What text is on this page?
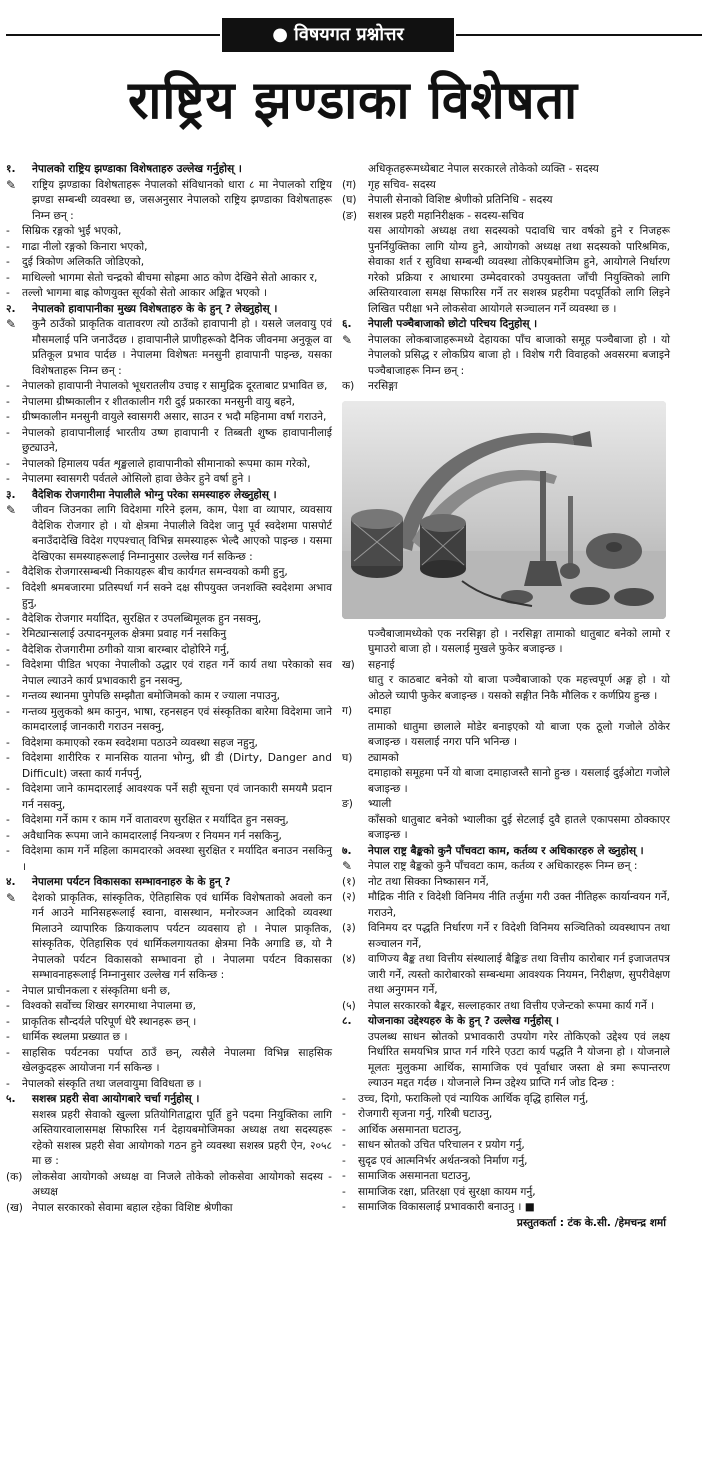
● विषयगत प्रश्नोत्तर
राष्ट्रिय झण्डाका विशेषता
१.	नेपालको राष्ट्रिय झण्डाका विशेषताहरु उल्लेख गर्नुहोस् ।
✎	राष्ट्रिय झण्डाका विशेषताहरू नेपालको संविधानको धारा ८ मा नेपालको राष्ट्रिय झण्डा सम्बन्धी व्यवस्था छ, जसअनुसार नेपालको राष्ट्रिय झण्डाका विशेषताहरू निम्न छन् :
-	सिम्रिक रङ्गको भुईं भएको,
-	गाढा नीलो रङ्गको किनारा भएको,
-	दुई त्रिकोण अलिकति जोडिएको,
-	माथिल्लो भागमा सेतो चन्द्रको बीचमा सोह्रमा आठ कोण देखिने सेतो आकार र,
-	तल्लो भागमा बाह्र कोणयुक्त सूर्यको सेतो आकार अङ्कित भएको ।
२.	नेपालको हावापानीका मुख्य विशेषताहरु के के हुन् ? लेख्नुहोस् ।
✎	कुनै ठाउँको प्राकृतिक वातावरण त्यो ठाउँको हावापानी हो । यसले जलवायु एवं मौसमलाई पनि जनाउँदछ । हावापानीले प्राणीहरूको दैनिक जीवनमा अनुकूल वा प्रतिकूल प्रभाव पार्दछ । नेपालमा विशेषतः मनसुनी हावापानी पाइन्छ, यसका विशेषताहरू निम्न छन् :
-	नेपालको हावापानी नेपालको भूधरातलीय उचाइ र सामुद्रिक दूरताबाट प्रभावित छ,
-	नेपालमा ग्रीष्मकालीन र शीतकालीन गरी दुई प्रकारका मनसुनी वायु बहने,
-	ग्रीष्मकालीन मनसुनी वायुले स्वासगरी असार, साउन र भदौ महिनामा वर्षा गराउने,
-	नेपालको हावापानीलाई भारतीय उष्ण हावापानी र तिब्बती शुष्क हावापानीलाई छुट्याउने,
-	नेपालको हिमालय पर्वत शृङ्खलाले हावापानीको सीमानाको रूपमा काम गरेको,
-	नेपालमा स्वासगरी पर्वतले ओसिलो हावा छेकेर हुने वर्षा हुने ।
३.	वैदेशिक रोजगारीमा नेपालीले भोग्नु परेका समस्याहरु लेख्नुहोस् ।
✎	जीवन जिउनका लागि विदेशमा गरिने इलम, काम, पेशा वा व्यापार, व्यवसाय वैदेशिक रोजगार हो । यो क्षेत्रमा नेपालीले विदेश जानु पूर्व स्वदेशमा पासपोर्ट बनाउँदादेखि विदेश गएपश्चात् विभिन्न समस्याहरू भेल्दै आएको पाइन्छ । यसमा देखिएका समस्याहरूलाई निम्नानुसार उल्लेख गर्न सकिन्छ :
-	वैदेशिक रोजगारसम्बन्धी निकायहरू बीच कार्यगत समन्वयको कमी हुनु,
-	विदेशी श्रमबजारमा प्रतिस्पर्धा गर्न सक्ने दक्ष सीपयुक्त जनशक्ति स्वदेशमा अभाव हुनु,
-	वैदेशिक रोजगार मर्यादित, सुरक्षित र उपलब्धिमूलक हुन नसक्नु,
-	रेमिट्यान्सलाई उत्पादनमूलक क्षेत्रमा प्रवाह गर्न नसकिनु
-	वैदेशिक रोजगारीमा ठगीको यात्रा बारम्बार दोहोरिने गर्नु,
-	विदेशमा पीडित भएका नेपालीको उद्धार एवं राहत गर्ने कार्य तथा परेकाको सव नेपाल ल्याउने कार्य प्रभावकारी हुन नसक्नु,
-	गन्तव्य स्थानमा पुगेपछि सम्झौता बमोजिमको काम र ज्याला नपाउनु,
-	गन्तव्य मुलुकको श्रम कानुन, भाषा, रहनसहन एवं संस्कृतिका बारेमा विदेशमा जाने कामदारलाई जानकारी गराउन नसक्नु,
-	विदेशमा कमाएको रकम स्वदेशमा पठाउने व्यवस्था सहज नहुनु,
-	विदेशमा शारीरिक र मानसिक यातना भोग्नु, थ्री डी (Dirty, Danger and Difficult) जस्ता कार्य गर्नपर्नु,
-	विदेशमा जाने कामदारलाई आवश्यक पर्ने सही सूचना एवं जानकारी समयमै प्रदान गर्न नसक्नु,
-	विदेशमा गर्ने काम र काम गर्ने वातावरण सुरक्षित र मर्यादित हुन नसक्नु,
-	अवैधानिक रूपमा जाने कामदारलाई नियन्त्रण र नियमन गर्न नसकिनु,
-	विदेशमा काम गर्ने महिला कामदारको अवस्था सुरक्षित र मर्यादित बनाउन नसकिनु ।
४.	नेपालमा पर्यटन विकासका सम्भावनाहरु के के हुन् ?
✎	देशको प्राकृतिक, सांस्कृतिक, ऐतिहासिक एवं धार्मिक विशेषताको अवलो कन गर्न आउने मानिसहरूलाई स्वाना, वासस्थान, मनोरञ्जन आदिको व्यवस्था मिलाउने व्यापारिक क्रियाकलाप पर्यटन व्यवसाय हो । नेपाल प्राकृतिक, सांस्कृतिक, ऐतिहासिक एवं धार्मिकलगायतका क्षेत्रमा निकै अगाडि छ, यो नै नेपालको पर्यटन विकासको सम्भावना हो । नेपालमा पर्यटन विकासका सम्भावनाहरूलाई निम्नानुसार उल्लेख गर्न सकिन्छ :
-	नेपाल प्राचीनकला र संस्कृतिमा धनी छ,
-	विश्वको सर्वोच्च शिखर सगरमाथा नेपालमा छ,
-	प्राकृतिक सौन्दर्यले परिपूर्ण धेरै स्थानहरू छन् ।
-	धार्मिक स्थलमा प्रख्यात छ ।
-	साहसिक पर्यटनका पर्याप्त ठाउँ छन्, त्यसैले नेपालमा विभिन्न साहसिक खेलकुदहरू आयोजना गर्न सकिन्छ ।
-	नेपालको संस्कृति तथा जलवायुमा विविधता छ ।
५.	सशस्त्र प्रहरी सेवा आयोगबारे चर्चा गर्नुहोस् ।
सशस्त्र प्रहरी सेवाको खुल्ला प्रतियोगिताद्वारा पूर्ति हुने पदमा नियुक्तिका लागि अस्तियारवालासमक्ष सिफारिस गर्न देहायबमोजिमका अध्यक्ष तथा सदस्यहरू रहेको सशस्त्र प्रहरी सेवा आयोगको गठन हुने व्यवस्था सशस्त्र प्रहरी ऐन, २०५८ मा छ :
(क) लोकसेवा आयोगको अध्यक्ष वा निजले तोकेको लोकसेवा आयोगको सदस्य - अध्यक्ष
(ख) नेपाल सरकारको सेवामा बहाल रहेका विशिष्ट श्रेणीका
अधिकृतहरूमध्येबाट नेपाल सरकारले तोकेको व्यक्ति - सदस्य
(ग)	गृह सचिव- सदस्य
(घ)	नेपाली सेनाको विशिष्ट श्रेणीको प्रतिनिधि - सदस्य
(ङ)	सशस्त्र प्रहरी महानिरीक्षक - सदस्य-सचिव
यस आयोगको अध्यक्ष तथा सदस्यको पदावधि चार वर्षको हुने र निजहरू पुनर्नियुक्तिका लागि योग्य हुने, आयोगको अध्यक्ष तथा सदस्यको पारिश्रमिक, सेवाका शर्त र सुविधा सम्बन्धी व्यवस्था तोकिएबमोजिम हुने, आयोगले निर्धारण गरेको प्रक्रिया र आधारमा उम्मेदवारको उपयुक्तता जाँची नियुक्तिको लागि अस्तियारवाला समक्ष सिफारिस गर्ने तर सशस्त्र प्रहरीमा पदपूर्तिको लागि लिइने लिखित परीक्षा भने लोकसेवा आयोगले सञ्चालन गर्ने व्यवस्था छ ।
६.	नेपाली पञ्चैबाजाको छोटो परिचय दिनुहोस् ।
✎	नेपालका लोकबाजाहरूमध्ये देहायका पाँच बाजाको समूह पञ्चैबाजा हो । यो नेपालको प्रसिद्ध र लोकप्रिय बाजा हो । विशेष गरी विवाहको अवसरमा बजाइने पञ्चैबाजाहरू निम्न छन् :
क)	नरसिङ्गा
पञ्चैबाजामध्येको एक नरसिङ्गा हो । नरसिङ्गा तामाको धातुबाट बनेको लामो र घुमाउरो बाजा हो । यसलाई मुखले फुकेर बजाइन्छ ।
ख)	सहनाई
धातु र काठबाट बनेको यो बाजा पञ्चैबाजाको एक महत्त्वपूर्ण अङ्ग हो । यो ओठले च्यापी फुकेर बजाइन्छ । यसको सङ्गीत निकै मौलिक र कर्णप्रिय हुन्छ ।
ग)	दमाहा
तामाको धातुमा छालाले मोडेर बनाइएको यो बाजा एक ठूलो गजोले ठोकेर बजाइन्छ । यसलाई नगरा पनि भनिन्छ ।
घ)	ट्यामको
दमाहाको समूहमा पर्ने यो बाजा दमाहाजस्तै सानो हुन्छ । यसलाई दुईओटा गजोले बजाइन्छ ।
ङ)	भ्याली
काँसको धातुबाट बनेको भ्यालीका दुई सेटलाई दुवै हातले एकापसमा ठोक्काएर बजाइन्छ ।
७.	नेपाल राष्ट्र बैङ्कको कुनै पाँचवटा काम, कर्तव्य र अधिकारहरु ले ख्नुहोस् ।
✎	नेपाल राष्ट्र बैङ्कको कुनै पाँचवटा काम, कर्तव्य र अधिकारहरू निम्न छन् :
(१)	नोट तथा सिक्का निष्कासन गर्ने,
(२)	मौद्रिक नीति र विदेशी विनिमय नीति तर्जुमा गरी उक्त नीतिहरू कार्यान्वयन गर्ने, गराउने,
(३)	विनिमय दर पद्धति निर्धारण गर्ने र विदेशी विनिमय सञ्चितिको व्यवस्थापन तथा सञ्चालन गर्ने,
(४)	वाणिज्य बैङ्क तथा वित्तीय संस्थालाई बैङ्किङ तथा वित्तीय कारोबार गर्न इजाजतपत्र जारी गर्ने, त्यस्तो कारोबारको सम्बन्धमा आवश्यक नियमन, निरीक्षण, सुपरीवेक्षण तथा अनुगमन गर्ने,
(५)	नेपाल सरकारको बैङ्कर, सल्लाहकार तथा वित्तीय एजेन्टको रूपमा कार्य गर्ने ।
८.	योजनाका उद्देश्यहरु के के हुन् ? उल्लेख गर्नुहोस् ।
उपलब्ध साधन स्रोतको प्रभावकारी उपयोग गरेर तोकिएको उद्देश्य एवं लक्ष्य निर्धारित समयभित्र प्राप्त गर्न गरिने एउटा कार्य पद्धति नै योजना हो । योजनाले मूलतः मुलुकमा आर्थिक, सामाजिक एवं पूर्वाधार जस्ता क्षे त्रमा रूपान्तरण ल्याउन मद्दत गर्दछ । योजनाले निम्न उद्देश्य प्राप्ति गर्न जोड दिन्छ :
-	उच्च, दिगो, फराकिलो एवं न्यायिक आर्थिक वृद्धि हासिल गर्नु,
-	रोजगारी सृजना गर्नु, गरिबी घटाउनु,
-	आर्थिक असमानता घटाउनु,
-	साधन स्रोतको उचित परिचालन र प्रयोग गर्नु,
-	सुदृढ एवं आत्मनिर्भर अर्थतन्त्रको निर्माण गर्नु,
-	सामाजिक असमानता घटाउनु,
-	सामाजिक रक्षा, प्रतिरक्षा एवं सुरक्षा कायम गर्नु,
-	सामाजिक विकासलाई प्रभावकारी बनाउनु । ■

प्रस्तुतकर्ता : टंक के.सी. /हेमचन्द्र शर्मा
